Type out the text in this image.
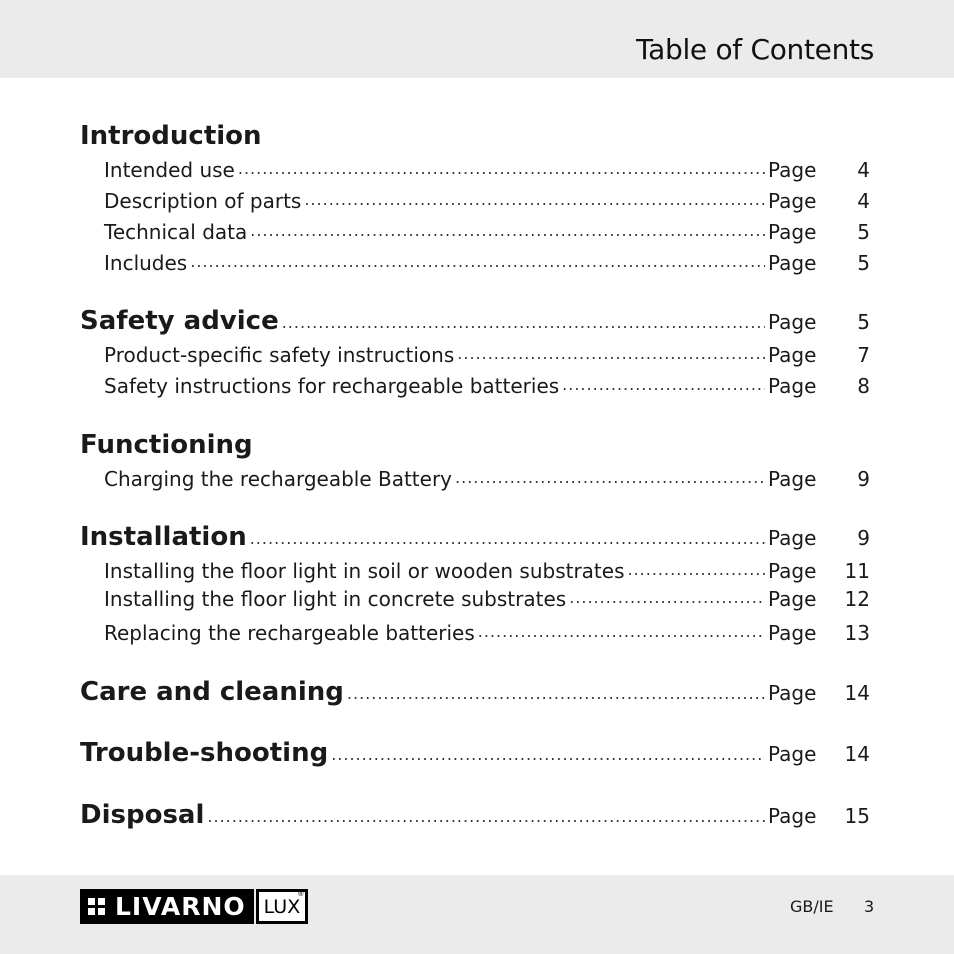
Table of Contents
Introduction
Intended use .....	Page	4
Description of parts .....	Page	4
Technical data .....	Page	5
Includes .....	Page	5
Safety advice .....	Page	5
Product-specific safety instructions .....	Page	7
Safety instructions for rechargeable batteries .....	Page	8
Functioning
Charging the rechargeable Battery .....	Page	9
Installation .....	Page	9
Installing the floor light in soil or wooden substrates .....	Page	11
Installing the floor light in concrete substrates .....	Page	12
Replacing the rechargeable batteries .....	Page	13
Care and cleaning .....	Page	14
Trouble-shooting .....	Page	14
Disposal .....	Page	15
LIVARNO LUX
®
GB/IE 3
